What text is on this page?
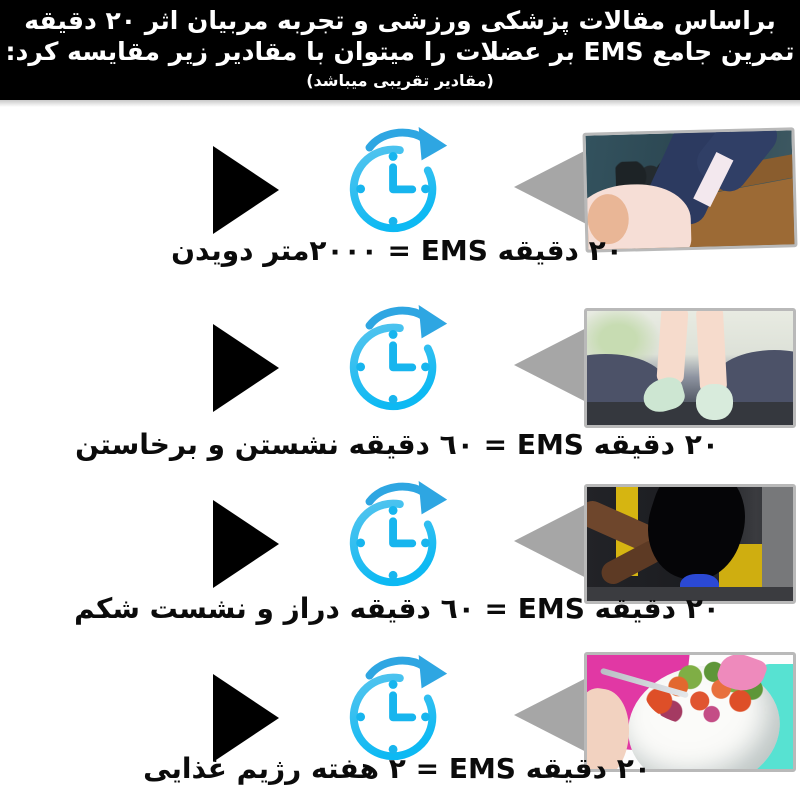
براساس مقالات پزشکی ورزشی و تجربه مربیان اثر ٢٠ دقیقه
تمرین جامع EMS بر عضلات را میتوان با مقادیر زیر مقایسه کرد:
(مقادیر تقریبی میباشد)
٢٠ دقیقه EMS = ٢٠٠٠متر دویدن
٢٠ دقیقه EMS = ٦٠ دقیقه نشستن و برخاستن
٢٠ دقیقه EMS = ٦٠ دقیقه دراز و نشست شکم
٢٠ دقیقه EMS = ٢ هفته رژیم غذایی
